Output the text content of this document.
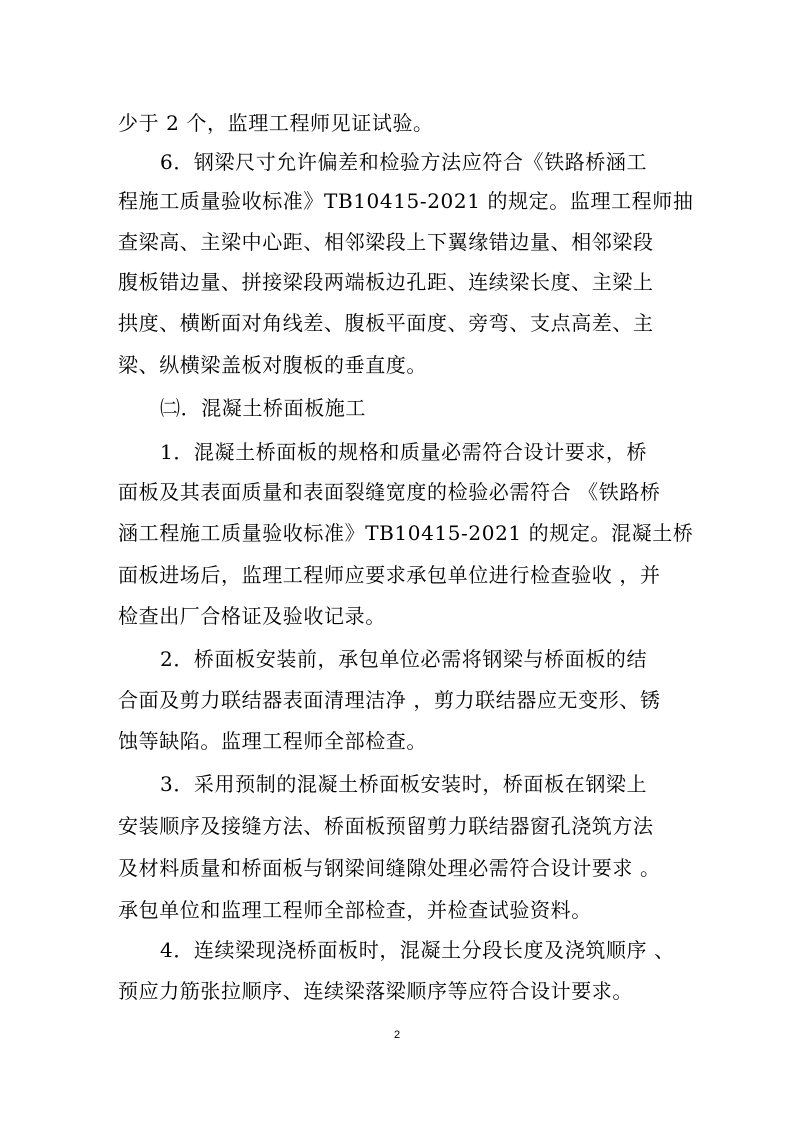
少于 2 个，监理工程师见证试验。
6．钢梁尺寸允许偏差和检验方法应符合《铁路桥涵工
程施工质量验收标准》TB10415-2021 的规定。监理工程师抽
查梁高、主梁中心距、相邻梁段上下翼缘错边量、相邻梁段
腹板错边量、拼接梁段两端板边孔距、连续梁长度、主梁上
拱度、横断面对角线差、腹板平面度、旁弯、支点高差、主
梁、纵横梁盖板对腹板的垂直度。
㈡．混凝土桥面板施工
1．混凝土桥面板的规格和质量必需符合设计要求，桥
面板及其表面质量和表面裂缝宽度的检验必需符合 《铁路桥
涵工程施工质量验收标准》TB10415-2021 的规定。混凝土桥
面板进场后，监理工程师应要求承包单位进行检查验收 ，并
检查出厂合格证及验收记录。
2．桥面板安装前，承包单位必需将钢梁与桥面板的结
合面及剪力联结器表面清理洁净 ，剪力联结器应无变形、锈
蚀等缺陷。监理工程师全部检查。
3．采用预制的混凝土桥面板安装时，桥面板在钢梁上
安装顺序及接缝方法、桥面板预留剪力联结器窗孔浇筑方法
及材料质量和桥面板与钢梁间缝隙处理必需符合设计要求 。
承包单位和监理工程师全部检查，并检查试验资料。
4．连续梁现浇桥面板时，混凝土分段长度及浇筑顺序 、
预应力筋张拉顺序、连续梁落梁顺序等应符合设计要求。
2
